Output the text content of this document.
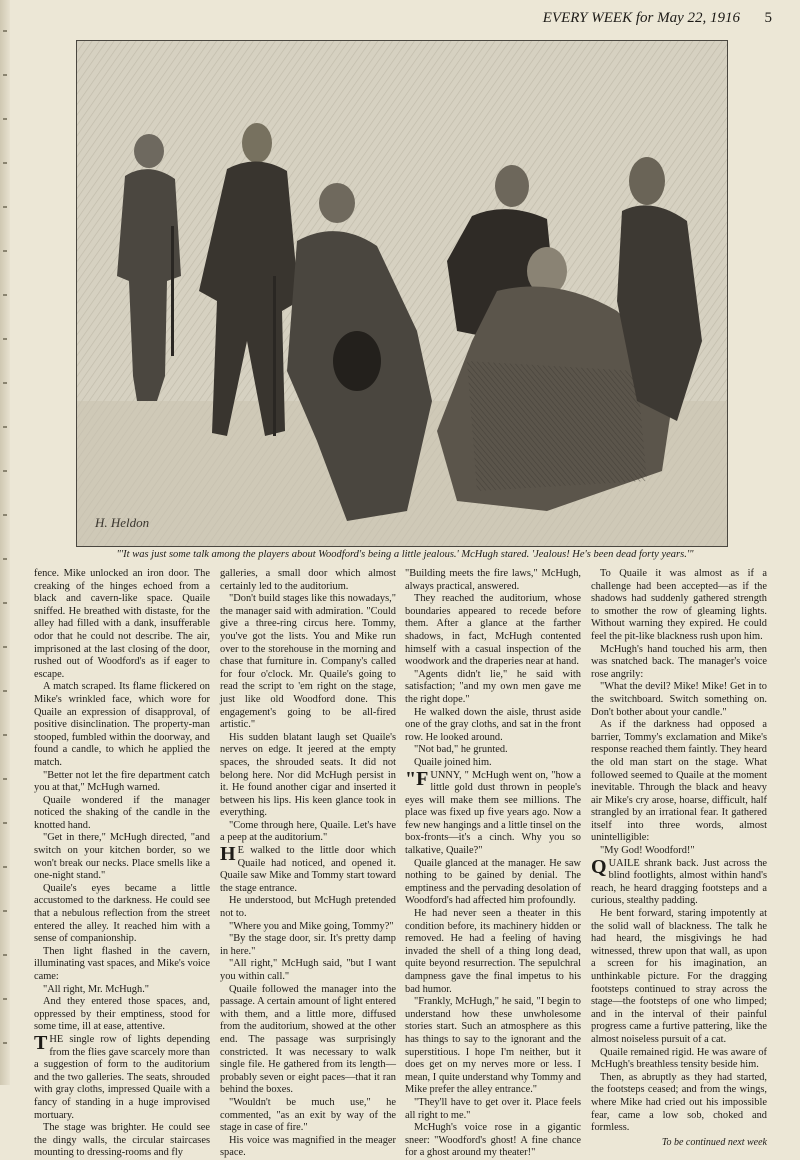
EVERY WEEK for May 22, 1916 5
H. Heldon
"'It was just some talk among the players about Woodford's being a little jealous.' McHugh stared. 'Jealous! He's been dead forty years.'"

fence. Mike unlocked an iron door. The creaking of the hinges echoed from a black and cavern-like space. Quaile sniffed. He breathed with distaste, for the alley had filled with a dank, insufferable odor that he could not describe. The air, imprisoned at the last closing of the door, rushed out of Woodford's as if eager to escape.

A match scraped. Its flame flickered on Mike's wrinkled face, which wore for Quaile an expression of disapproval, of positive disinclination. The property-man stooped, fumbled within the doorway, and found a candle, to which he applied the match.

"Better not let the fire department catch you at that," McHugh warned.

Quaile wondered if the manager noticed the shaking of the candle in the knotted hand.

"Get in there," McHugh directed, "and switch on your kitchen border, so we won't break our necks. Place smells like a one-night stand."

Quaile's eyes became a little accustomed to the darkness. He could see that a nebulous reflection from the street entered the alley. It reached him with a sense of companionship.

Then light flashed in the cavern, illuminating vast spaces, and Mike's voice came:

"All right, Mr. McHugh."

And they entered those spaces, and, oppressed by their emptiness, stood for some time, ill at ease, attentive.

THE single row of lights depending from the flies gave scarcely more than a suggestion of form to the auditorium and the two galleries. The seats, shrouded with gray cloths, impressed Quaile with a fancy of standing in a huge improvised mortuary.

The stage was brighter. He could see the dingy walls, the circular staircases mounting to dressing-rooms and fly

galleries, a small door which almost certainly led to the auditorium.

"Don't build stages like this nowadays," the manager said with admiration. "Could give a three-ring circus here. Tommy, you've got the lists. You and Mike run over to the storehouse in the morning and chase that furniture in. Company's called for four o'clock. Mr. Quaile's going to read the script to 'em right on the stage, just like old Woodford done. This engagement's going to be all-fired artistic."

His sudden blatant laugh set Quaile's nerves on edge. It jeered at the empty spaces, the shrouded seats. It did not belong here. Nor did McHugh persist in it. He found another cigar and inserted it between his lips. His keen glance took in everything.

"Come through here, Quaile. Let's have a peep at the auditorium."

H E walked to the little door which Quaile had noticed, and opened it. Quaile saw Mike and Tommy start toward the stage entrance.

He understood, but McHugh pretended not to.

"Where you and Mike going, Tommy?"

"By the stage door, sir. It's pretty damp in here."

"All right," McHugh said, "but I want you within call."

Quaile followed the manager into the passage. A certain amount of light entered with them, and a little more, diffused from the auditorium, showed at the other end. The passage was surprisingly constricted. It was necessary to walk single file. He gathered from its length—probably seven or eight paces—that it ran behind the boxes.

"Wouldn't be much use," he commented, "as an exit by way of the stage in case of fire."

His voice was magnified in the meager space.

"Building meets the fire laws," McHugh, always practical, answered.

They reached the auditorium, whose boundaries appeared to recede before them. After a glance at the farther shadows, in fact, McHugh contented himself with a casual inspection of the woodwork and the draperies near at hand.

"Agents didn't lie," he said with satisfaction; "and my own men gave me the right dope."

He walked down the aisle, thrust aside one of the gray cloths, and sat in the front row. He looked around.

"Not bad," he grunted.

Quaile joined him.

"FUNNY, " McHugh went on, "how a little gold dust thrown in people's eyes will make them see millions. The place was fixed up five years ago. Now a few new hangings and a little tinsel on the box-fronts—it's a cinch. Why you so talkative, Quaile?"

Quaile glanced at the manager. He saw nothing to be gained by denial. The emptiness and the pervading desolation of Woodford's had affected him profoundly.

He had never seen a theater in this condition before, its machinery hidden or removed. He had a feeling of having invaded the shell of a thing long dead, quite beyond resurrection. The sepulchral dampness gave the final impetus to his bad humor.

"Frankly, McHugh," he said, "I begin to understand how these unwholesome stories start. Such an atmosphere as this has things to say to the ignorant and the superstitious. I hope I'm neither, but it does get on my nerves more or less. I mean, I quite understand why Tommy and Mike prefer the alley entrance."

"They'll have to get over it. Place feels all right to me."

McHugh's voice rose in a gigantic sneer: "Woodford's ghost! A fine chance for a ghost around my theater!"

To Quaile it was almost as if a challenge had been accepted—as if the shadows had suddenly gathered strength to smother the row of gleaming lights. Without warning they expired. He could feel the pit-like blackness rush upon him.

McHugh's hand touched his arm, then was snatched back. The manager's voice rose angrily:

"What the devil? Mike! Mike! Get in to the switchboard. Switch something on. Don't bother about your candle."

As if the darkness had opposed a barrier, Tommy's exclamation and Mike's response reached them faintly. They heard the old man start on the stage. What followed seemed to Quaile at the moment inevitable. Through the black and heavy air Mike's cry arose, hoarse, difficult, half strangled by an irrational fear. It gathered itself into three words, almost unintelligible:

"My God! Woodford!"

QUAILE shrank back. Just across the blind footlights, almost within hand's reach, he heard dragging footsteps and a curious, stealthy padding.

He bent forward, staring impotently at the solid wall of blackness. The talk he had heard, the misgivings he had witnessed, threw upon that wall, as upon a screen for his imagination, an unthinkable picture. For the dragging footsteps continued to stray across the stage—the footsteps of one who limped; and in the interval of their painful progress came a furtive pattering, like the almost noiseless pursuit of a cat.

Quaile remained rigid. He was aware of McHugh's breathless tensity beside him.

Then, as abruptly as they had started, the footsteps ceased; and from the wings, where Mike had cried out his impossible fear, came a low sob, choked and formless.

To be continued next week
